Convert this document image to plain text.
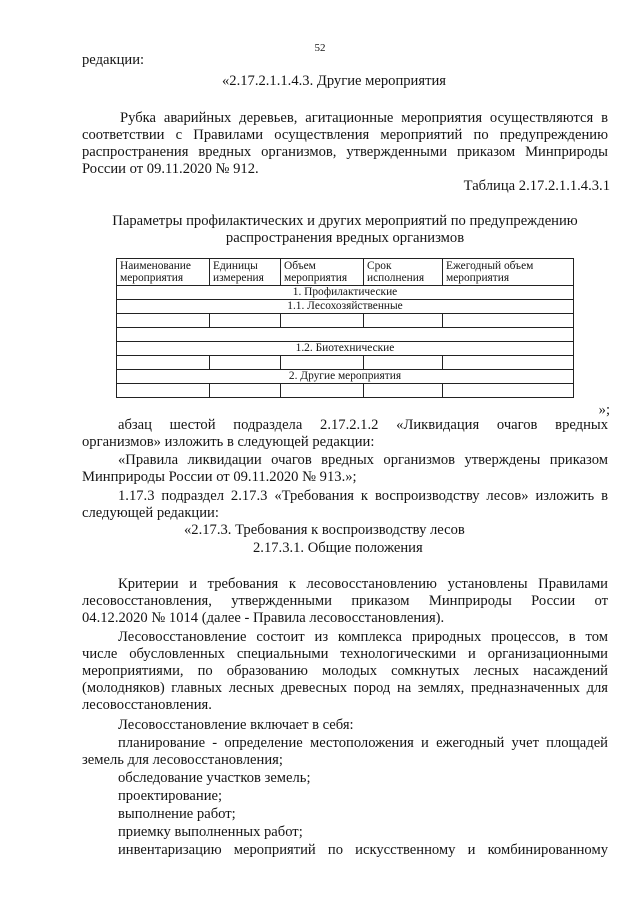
52
редакции:
«2.17.2.1.1.4.3. Другие мероприятия
Рубка аварийных деревьев, агитационные мероприятия осуществляются в
соответствии с Правилами осуществления мероприятий по предупреждению
распространения вредных организмов, утвержденными приказом Минприроды
России от 09.11.2020 № 912.
Таблица 2.17.2.1.1.4.3.1
Параметры профилактических и других мероприятий по предупреждению
распространения вредных организмов
Наименование мероприятия	Единицы измерения	Объем мероприятия	Срок исполнения	Ежегодный объем мероприятия
1. Профилактические				
1.1. Лесохозяйственные				

1.2. Биотехнические				

2. Другие мероприятия				

»;
абзац шестой подраздела 2.17.2.1.2 «Ликвидация очагов вредных
организмов» изложить в следующей редакции:
«Правила ликвидации очагов вредных организмов утверждены приказом
Минприроды России от 09.11.2020 № 913.»;
1.17.3 подраздел 2.17.3 «Требования к воспроизводству лесов» изложить в
следующей редакции:
«2.17.3. Требования к воспроизводству лесов
2.17.3.1. Общие положения
Критерии и требования к лесовосстановлению установлены Правилами
лесовосстановления, утвержденными приказом Минприроды России от
04.12.2020 № 1014 (далее - Правила лесовосстановления).
Лесовосстановление состоит из комплекса природных процессов, в том
числе обусловленных специальными технологическими и организационными
мероприятиями, по образованию молодых сомкнутых лесных насаждений
(молодняков) главных лесных древесных пород на землях, предназначенных для
лесовосстановления.
Лесовосстановление включает в себя:
планирование - определение местоположения и ежегодный учет площадей
земель для лесовосстановления;
обследование участков земель;
проектирование;
выполнение работ;
приемку выполненных работ;
инвентаризацию мероприятий по искусственному и комбинированному
